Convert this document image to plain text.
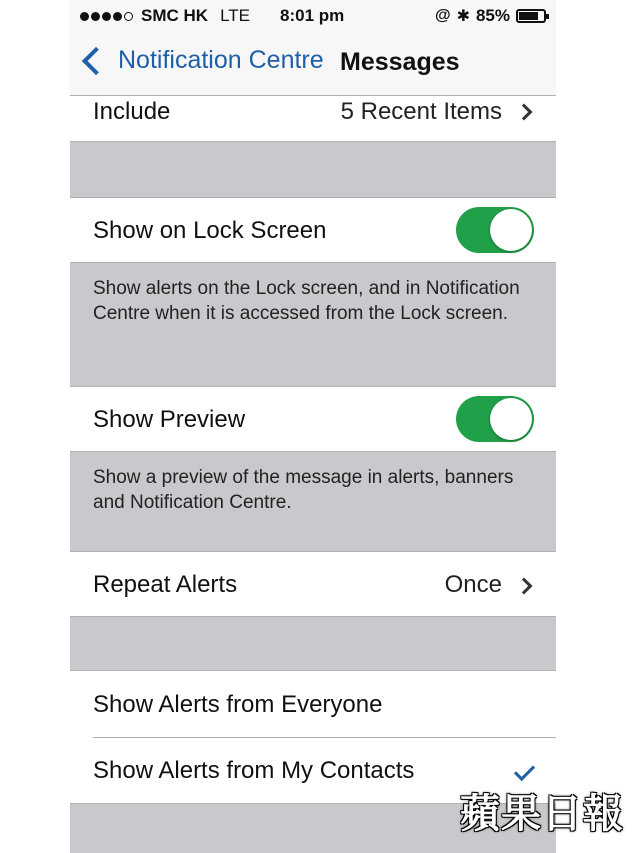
SMC HK LTE 8:01 pm	@ ✱ 85%
Notification Centre Messages
Include	5 Recent Items
Show on Lock Screen
Show alerts on the Lock screen, and in Notification Centre when it is accessed from the Lock screen.
Show Preview
Show a preview of the message in alerts, banners and Notification Centre.
Repeat Alerts	Once
Show Alerts from Everyone
Show Alerts from My Contacts
蘋果日報
